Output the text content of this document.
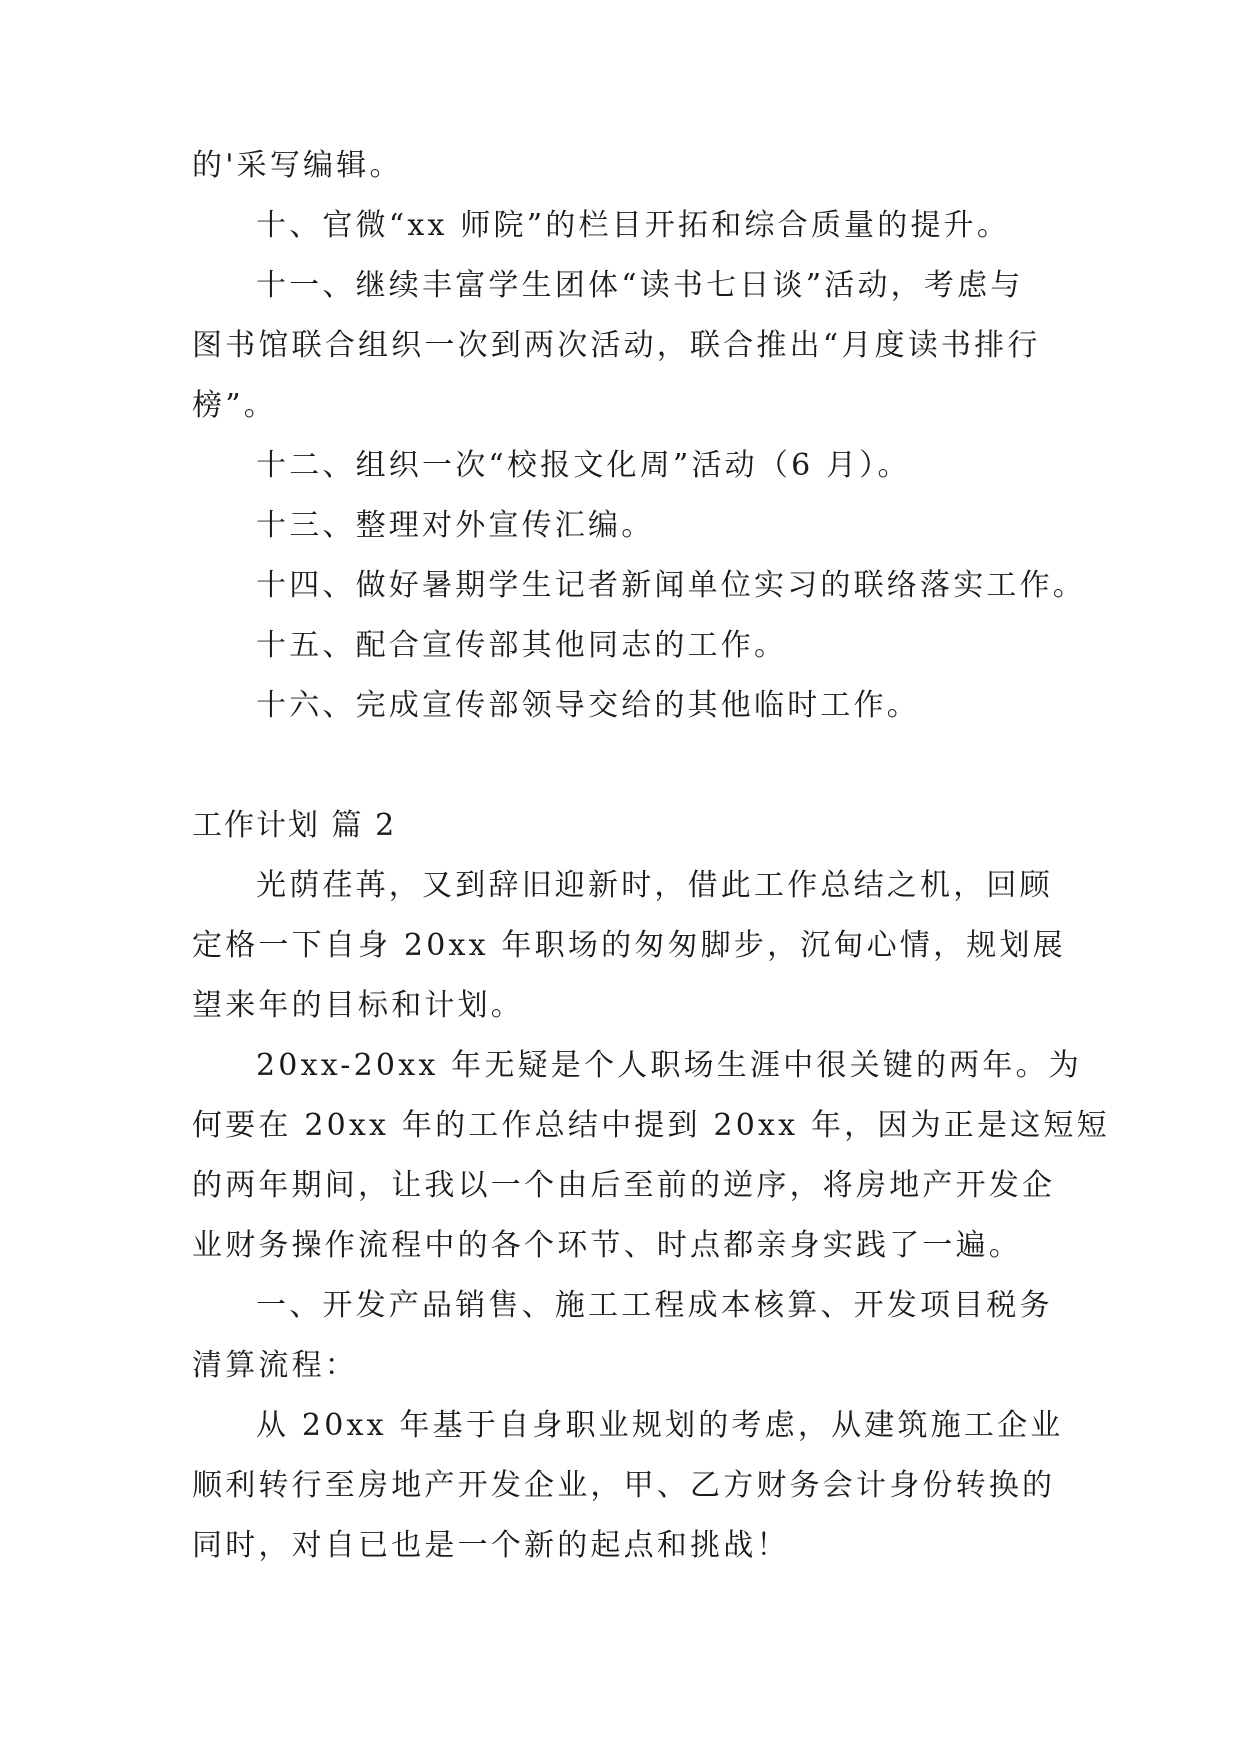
的'采写编辑。
十、官微“xx 师院”的栏目开拓和综合质量的提升。
十一、继续丰富学生团体“读书七日谈”活动，考虑与
图书馆联合组织一次到两次活动，联合推出“月度读书排行
榜”。
十二、组织一次“校报文化周”活动（6 月）。
十三、整理对外宣传汇编。
十四、做好暑期学生记者新闻单位实习的联络落实工作。
十五、配合宣传部其他同志的工作。
十六、完成宣传部领导交给的其他临时工作。
工作计划 篇 2
光荫荏苒，又到辞旧迎新时，借此工作总结之机，回顾
定格一下自身 20xx 年职场的匆匆脚步，沉甸心情，规划展
望来年的目标和计划。
20xx-20xx 年无疑是个人职场生涯中很关键的两年。为
何要在 20xx 年的工作总结中提到 20xx 年，因为正是这短短
的两年期间，让我以一个由后至前的逆序，将房地产开发企
业财务操作流程中的各个环节、时点都亲身实践了一遍。
一、开发产品销售、施工工程成本核算、开发项目税务
清算流程：
从 20xx 年基于自身职业规划的考虑，从建筑施工企业
顺利转行至房地产开发企业，甲、乙方财务会计身份转换的
同时，对自已也是一个新的起点和挑战！
